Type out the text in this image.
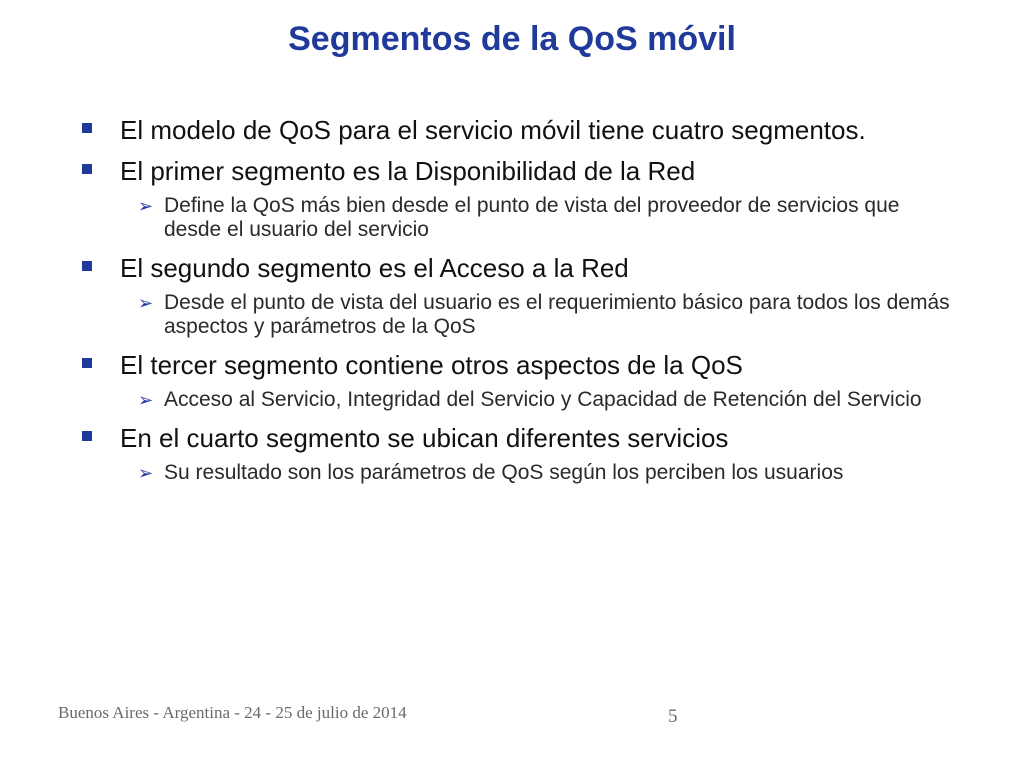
Segmentos de la QoS móvil
El modelo de QoS para el servicio móvil tiene cuatro segmentos.
El primer segmento es la Disponibilidad de la Red
➢ Define la QoS más bien desde el punto de vista del proveedor de servicios que desde el usuario del servicio
El segundo segmento es el Acceso a la Red
➢ Desde el punto de vista del usuario es el requerimiento básico para todos los demás aspectos y parámetros de la QoS
El tercer segmento contiene otros aspectos de la QoS
➢ Acceso al Servicio, Integridad del Servicio y Capacidad de Retención del Servicio
En el cuarto segmento se ubican diferentes servicios
➢ Su resultado son los parámetros de QoS según los perciben los usuarios
Buenos Aires - Argentina - 24 - 25 de julio de 2014	5
